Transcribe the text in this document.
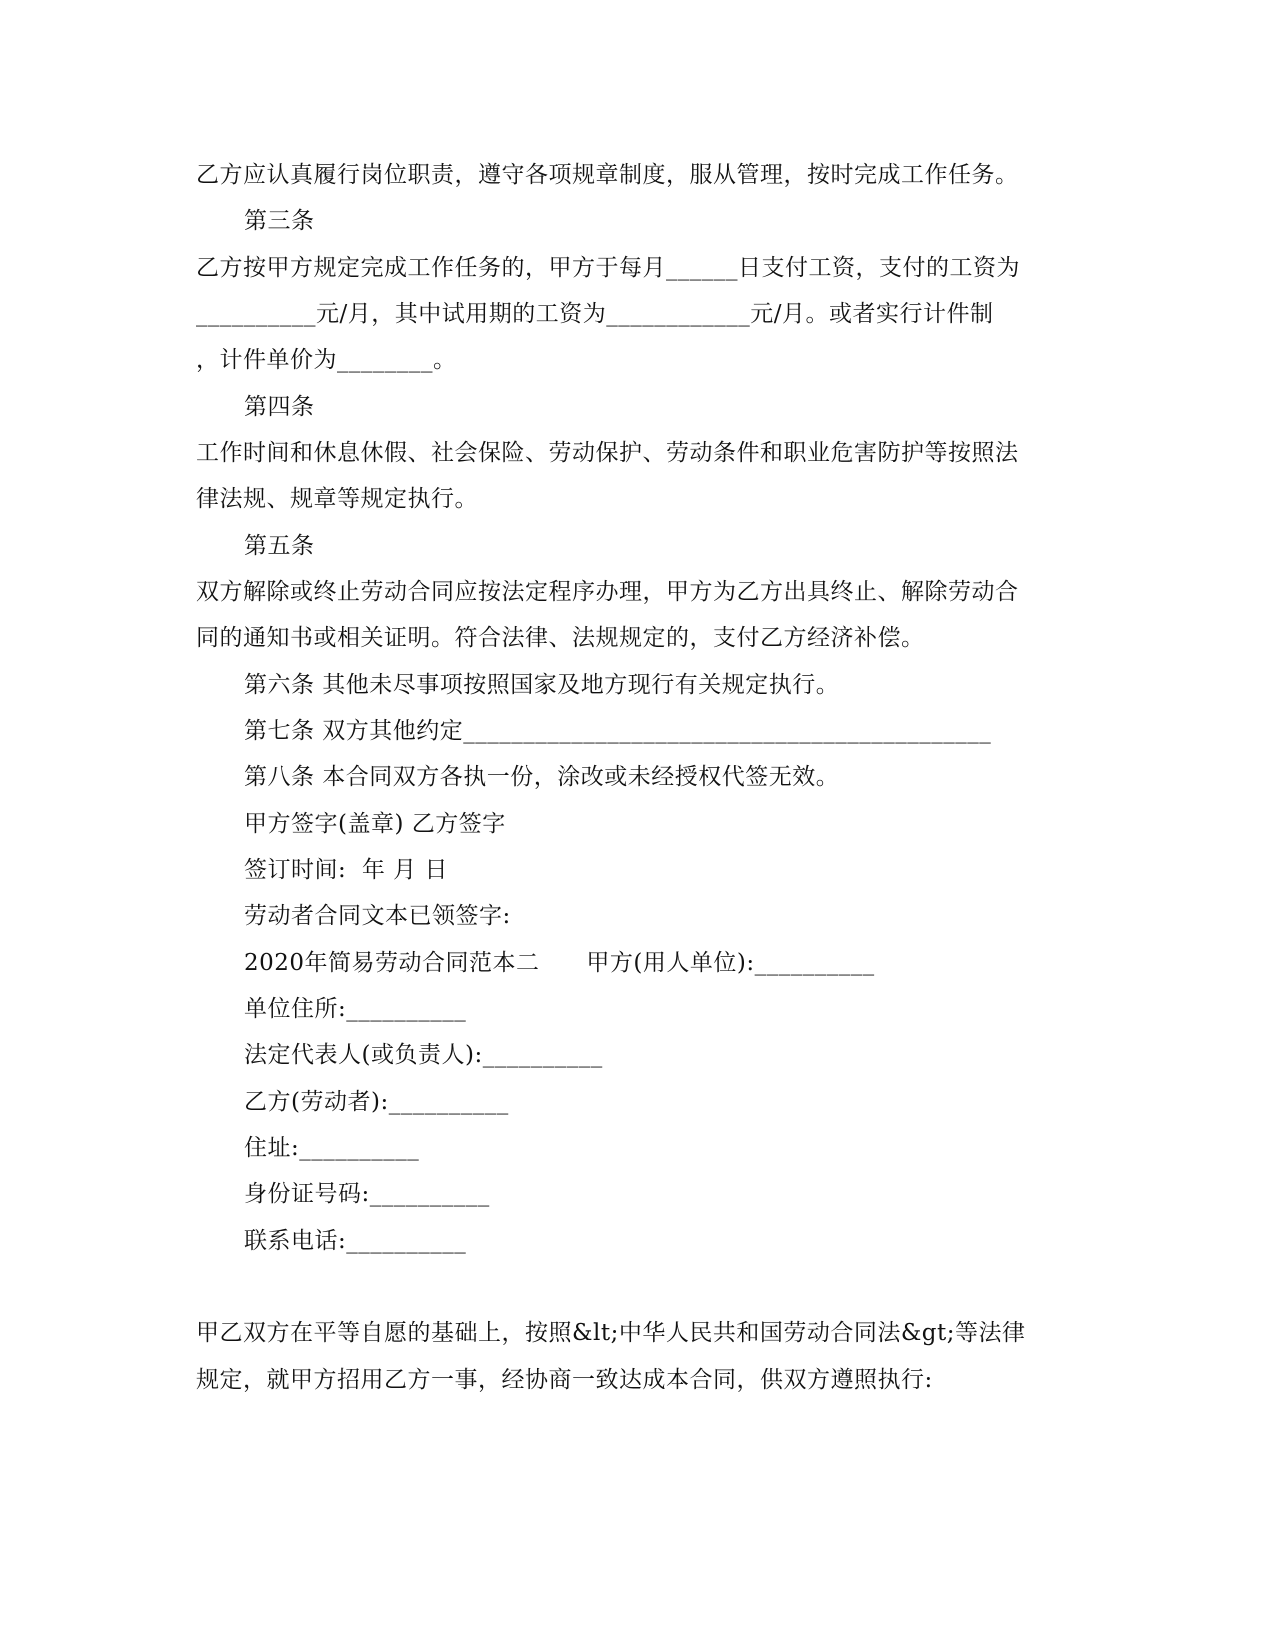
乙方应认真履行岗位职责，遵守各项规章制度，服从管理，按时完成工作任务。
第三条
乙方按甲方规定完成工作任务的，甲方于每月______日支付工资，支付的工资为
__________元/月，其中试用期的工资为____________元/月。或者实行计件制
，计件单价为________。
第四条
工作时间和休息休假、社会保险、劳动保护、劳动条件和职业危害防护等按照法
律法规、规章等规定执行。
第五条
双方解除或终止劳动合同应按法定程序办理，甲方为乙方出具终止、解除劳动合
同的通知书或相关证明。符合法律、法规规定的，支付乙方经济补偿。
第六条 其他未尽事项按照国家及地方现行有关规定执行。
第七条 双方其他约定____________________________________________
第八条 本合同双方各执一份，涂改或未经授权代签无效。
甲方签字(盖章) 乙方签字
签订时间:  年 月 日
劳动者合同文本已领签字:
2020年简易劳动合同范本二      甲方(用人单位):__________
单位住所:__________
法定代表人(或负责人):__________
乙方(劳动者):__________
住址:__________
身份证号码:__________
联系电话:__________
甲乙双方在平等自愿的基础上，按照&lt;中华人民共和国劳动合同法&gt;等法律
规定，就甲方招用乙方一事，经协商一致达成本合同，供双方遵照执行:
